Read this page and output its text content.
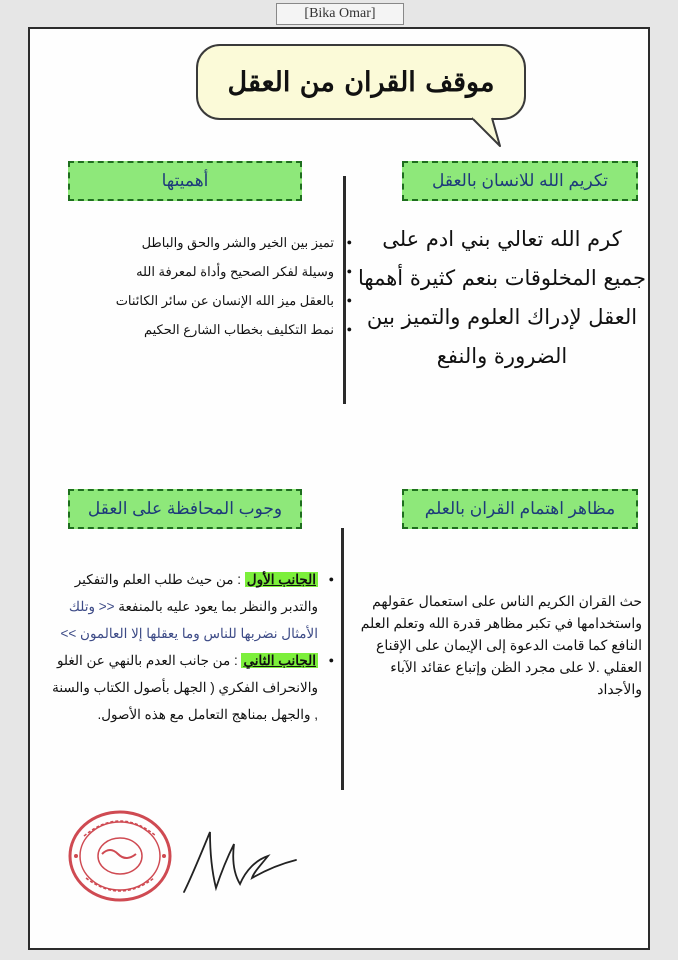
[Bika Omar]
موقف القران من العقل
تكريم الله للانسان بالعقل
أهميتها
كرم الله تعالي بني ادم على جميع المخلوقات بنعم كثيرة أهمها العقل لإدراك العلوم والتميز بين الضرورة والنفع
● تميز بين الخير والشر والحق والباطل
● وسيلة لفكر الصحيح وأداة لمعرفة الله
● بالعقل ميز الله الإنسان عن سائر الكائنات
● نمط التكليف بخطاب الشارع الحكيم
مظاهر اهتمام القران بالعلم
وجوب المحافظة على العقل
حث القران الكريم الناس على استعمال عقولهم واستخدامها في تكبر مظاهر قدرة الله وتعلم العلم النافع كما قامت الدعوة إلى الإيمان على الإقناع العقلي .لا على مجرد الظن وإتباع عقائد الآباء والأجداد
● الجانب الأول : من حيث طلب العلم والتفكير والتدبر والنظر بما يعود عليه بالمنفعة << وتلك الأمثال نضربها للناس وما يعقلها إلا العالمون >>
● الجانب الثاني : من جانب العدم بالنهي عن الغلو والانحراف الفكري ( الجهل بأصول الكتاب والسنة , والجهل بمناهج التعامل مع هذه الأصول.
